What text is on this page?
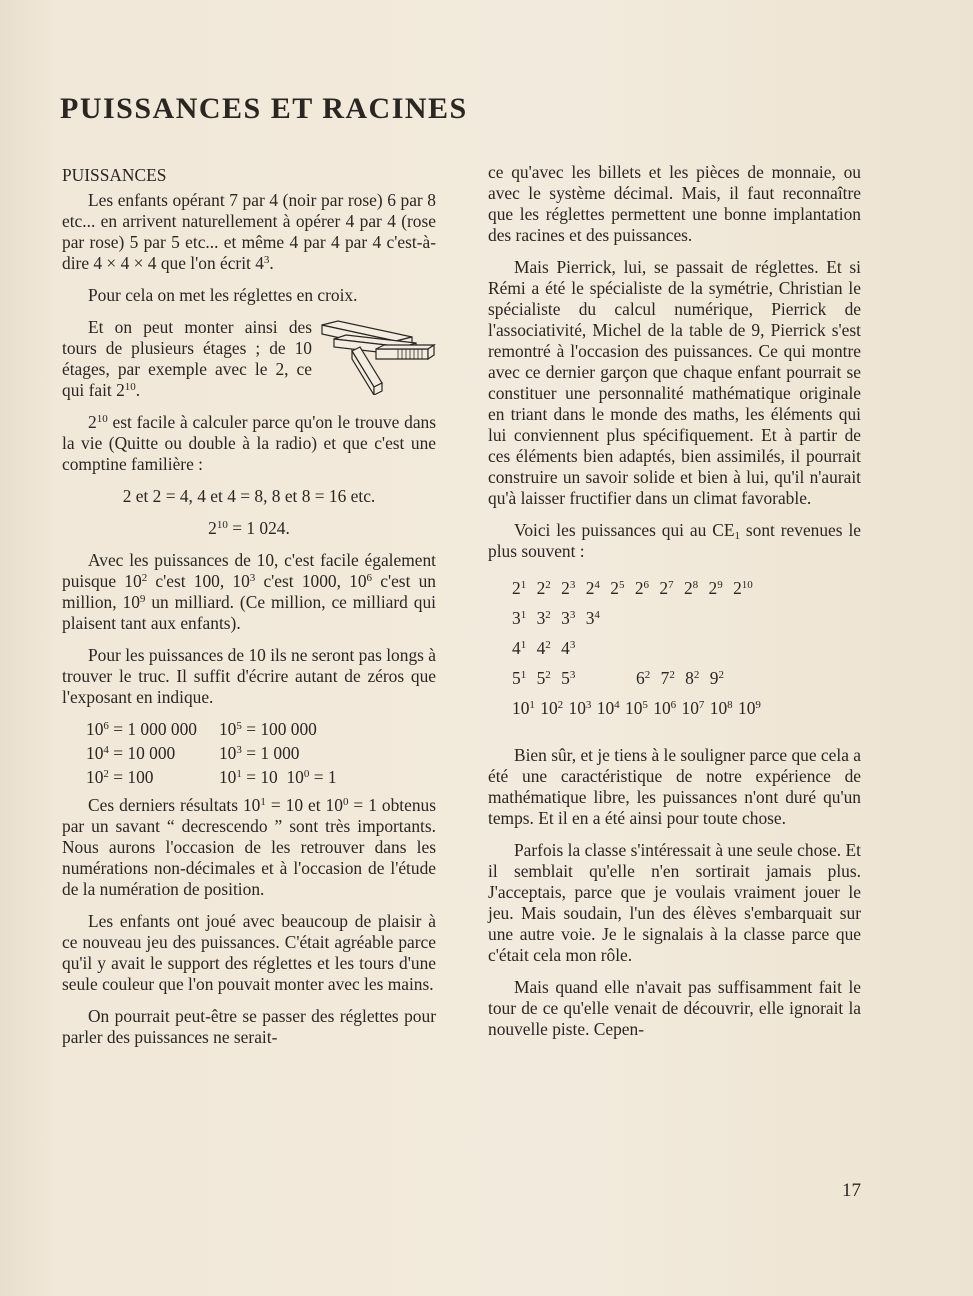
PUISSANCES ET RACINES
PUISSANCES

Les enfants opérant 7 par 4 (noir par rose) 6 par 8 etc... en arrivent naturellement à opérer 4 par 4 (rose par rose) 5 par 5 etc... et même 4 par 4 par 4 c'est-à-dire 4 × 4 × 4 que l'on écrit $4^3$.

Pour cela on met les réglettes en croix.

Et on peut monter ainsi des tours de plusieurs étages ; de 10 étages, par exemple avec le 2, ce qui fait $2^{10}$.

$2^{10}$ est facile à calculer parce qu'on le trouve dans la vie (Quitte ou double à la radio) et que c'est une comptine familière :

2 et 2 = 4, 4 et 4 = 8, 8 et 8 = 16 etc.

$2^{10} = 1$ 024.

Avec les puissances de 10, c'est facile également puisque $10^2$ c'est 100, $10^3$ c'est 1000, $10^6$ c'est un million, $10^9$ un milliard. (Ce million, ce milliard qui plaisent tant aux enfants).

Pour les puissances de 10 ils ne seront pas longs à trouver le truc. Il suffit d'écrire autant de zéros que l'exposant en indique.

$10^6 = 1$ 000 000	$10^5 = 100$ 000
$10^4 = 10$ 000	$10^3 = 1$ 000
$10^2 = 100$	$10^1 = 10$  $10^0 = 1$

Ces derniers résultats $10^1 = 10$ et $10^0 = 1$ obtenus par un savant “ decrescendo ” sont très importants. Nous aurons l'occasion de les retrouver dans les numérations non-décimales et à l'occasion de l'étude de la numération de position.

Les enfants ont joué avec beaucoup de plaisir à ce nouveau jeu des puissances. C'était agréable parce qu'il y avait le support des réglettes et les tours d'une seule couleur que l'on pouvait monter avec les mains.

On pourrait peut-être se passer des réglettes pour parler des puissances ne serait-

ce qu'avec les billets et les pièces de monnaie, ou avec le système décimal. Mais, il faut reconnaître que les réglettes permettent une bonne implantation des racines et des puissances.

Mais Pierrick, lui, se passait de réglettes. Et si Rémi a été le spécialiste de la symétrie, Christian le spécialiste du calcul numérique, Pierrick de l'associativité, Michel de la table de 9, Pierrick s'est remontré à l'occasion des puissances. Ce qui montre avec ce dernier garçon que chaque enfant pourrait se constituer une personnalité mathématique originale en triant dans le monde des maths, les éléments qui lui conviennent plus spécifiquement. Et à partir de ces éléments bien adaptés, bien assimilés, il pourrait construire un savoir solide et bien à lui, qu'il n'aurait qu'à laisser fructifier dans un climat favorable.

Voici les puissances qui au $CE_1$ sont revenues le plus souvent :

$2^1$ $2^2$ $2^3$ $2^4$ $2^5$ $2^6$ $2^7$ $2^8$ $2^9$ $2^{10}$
$3^1$ $3^2$ $3^3$ $3^4$
$4^1$ $4^2$ $4^3$
$5^1$ $5^2$ $5^3$	$6^2$ $7^2$ $8^2$ $9^2$
$10^1$ $10^2$ $10^3$ $10^4$ $10^5$ $10^6$ $10^7$ $10^8$ $10^9$

Bien sûr, et je tiens à le souligner parce que cela a été une caractéristique de notre expérience de mathématique libre, les puissances n'ont duré qu'un temps. Et il en a été ainsi pour toute chose.

Parfois la classe s'intéressait à une seule chose. Et il semblait qu'elle n'en sortirait jamais plus. J'acceptais, parce que je voulais vraiment jouer le jeu. Mais soudain, l'un des élèves s'embarquait sur une autre voie. Je le signalais à la classe parce que c'était cela mon rôle.

Mais quand elle n'avait pas suffisamment fait le tour de ce qu'elle venait de découvrir, elle ignorait la nouvelle piste. Cepen-

17
